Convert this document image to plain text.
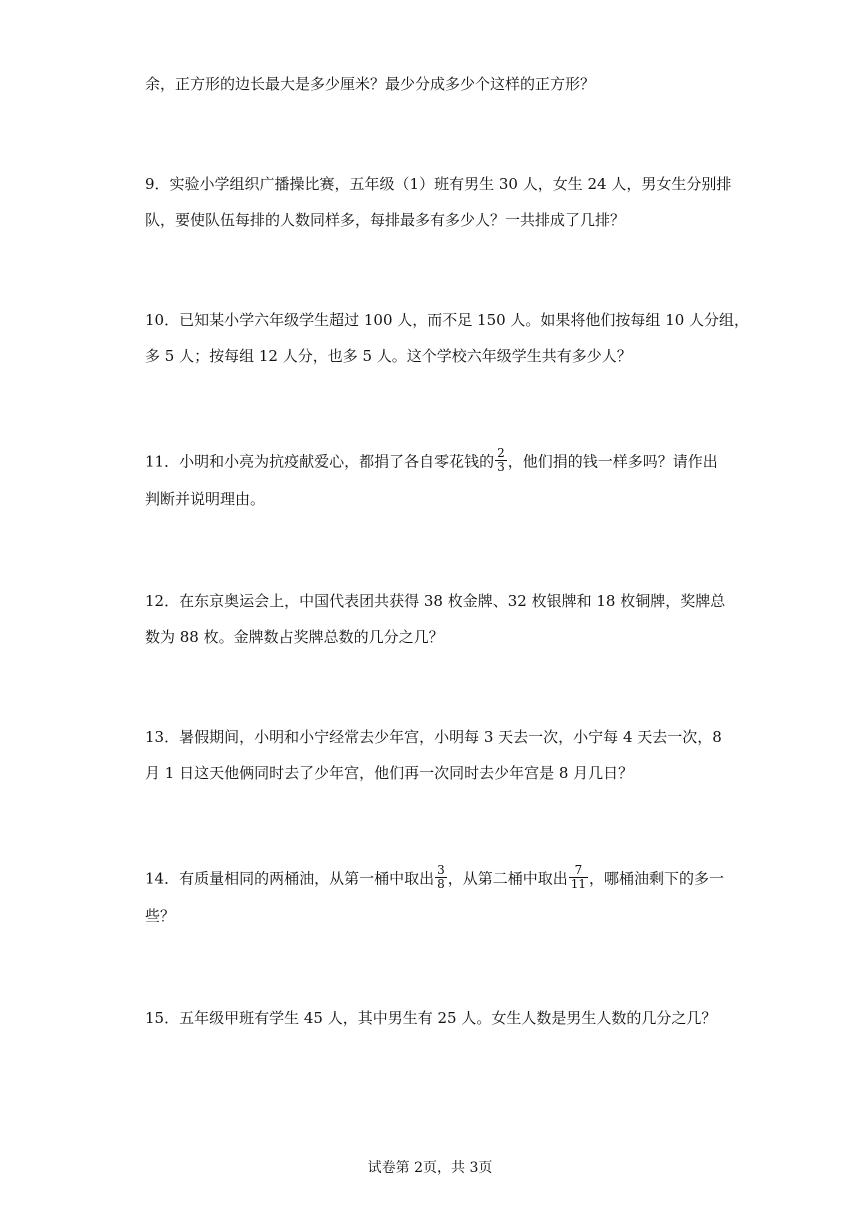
余，正方形的边长最大是多少厘米？最少分成多少个这样的正方形？
9．实验小学组织广播操比赛，五年级（1）班有男生 30 人，女生 24 人，男女生分别排
队，要使队伍每排的人数同样多，每排最多有多少人？一共排成了几排？
10．已知某小学六年级学生超过 100 人，而不足 150 人。如果将他们按每组 10 人分组，
多 5 人；按每组 12 人分，也多 5 人。这个学校六年级学生共有多少人？
11．小明和小亮为抗疫献爱心，都捐了各自零花钱的 $\frac{2}{3}$ ，他们捐的钱一样多吗？请作出
判断并说明理由。
12．在东京奥运会上，中国代表团共获得 38 枚金牌、32 枚银牌和 18 枚铜牌，奖牌总
数为 88 枚。金牌数占奖牌总数的几分之几？
13．暑假期间，小明和小宁经常去少年宫，小明每 3 天去一次，小宁每 4 天去一次，8
月 1 日这天他俩同时去了少年宫，他们再一次同时去少年宫是 8 月几日？
14．有质量相同的两桶油，从第一桶中取出 $\frac{3}{8}$ ，从第二桶中取出 $\frac{7}{11}$ ，哪桶油剩下的多一
些？
15．五年级甲班有学生 45 人，其中男生有 25 人。女生人数是男生人数的几分之几？
试卷第 2页，共 3页
